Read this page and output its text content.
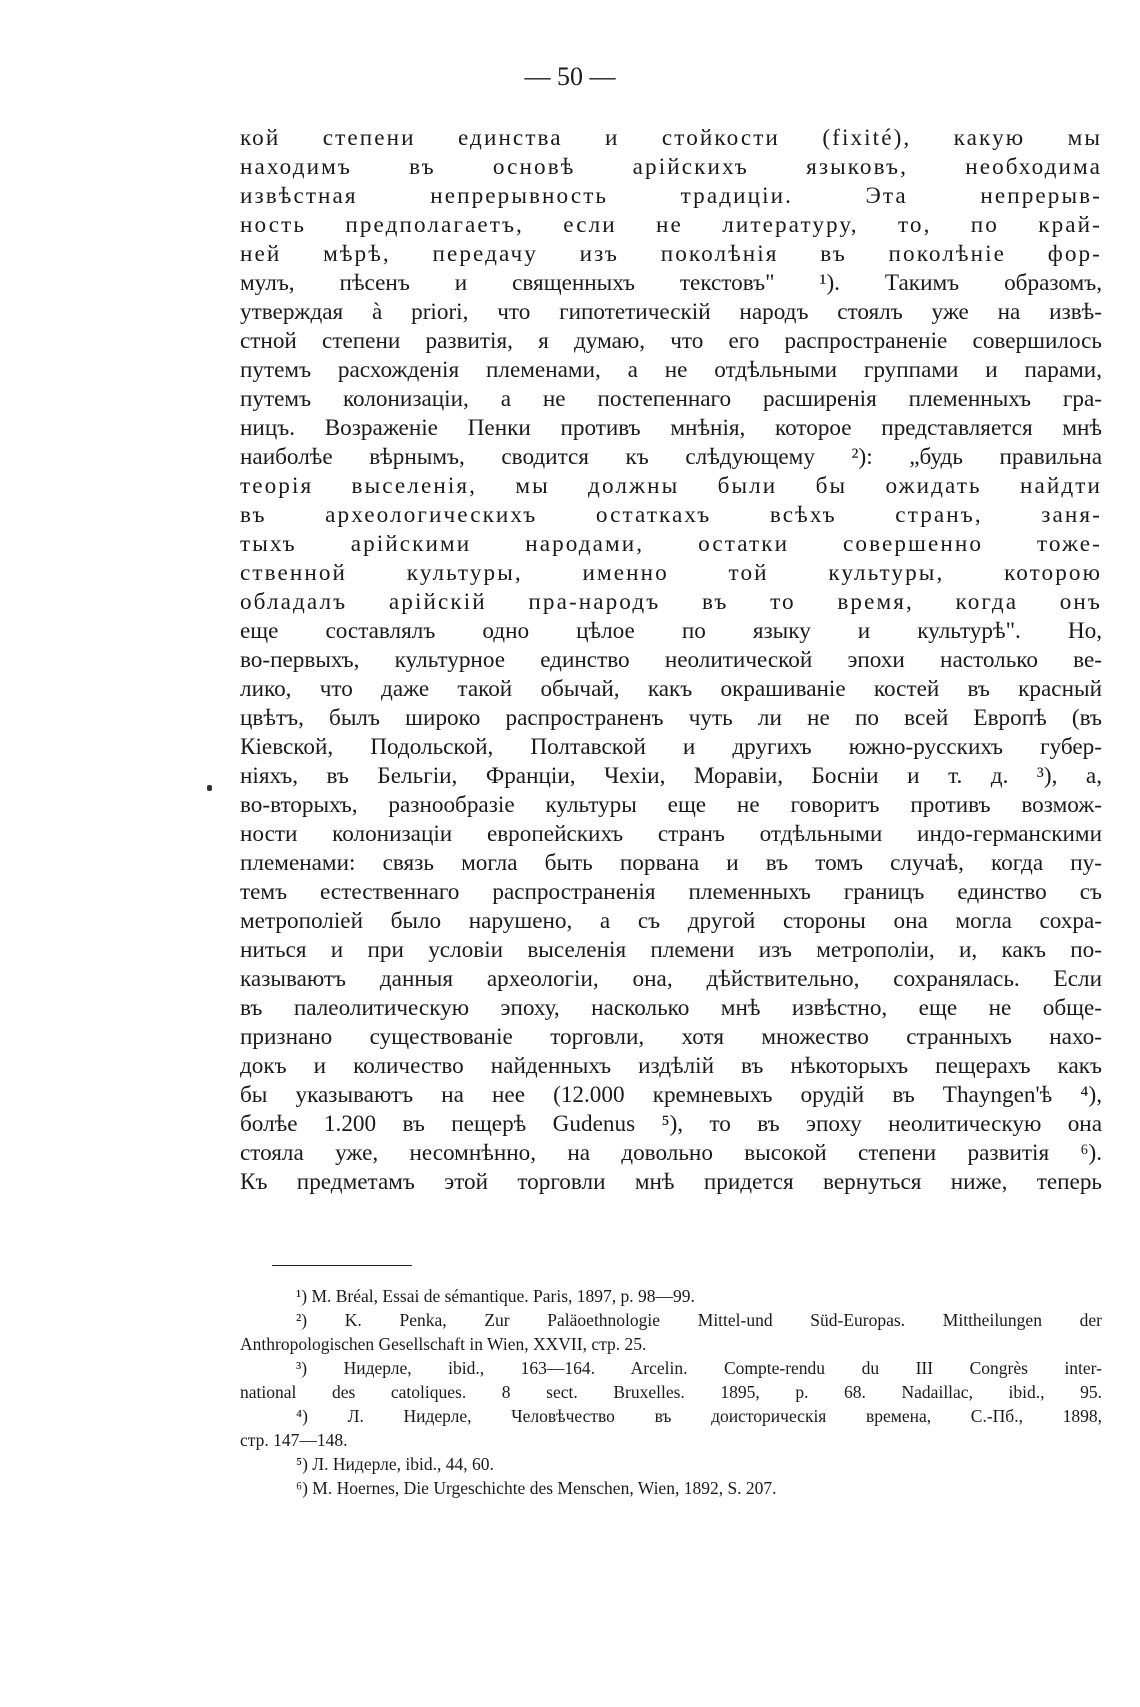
— 50 —
кой степени единства и стойкости (fixité), какую мы
находимъ въ основѣ арійскихъ языковъ, необходима
извѣстная непрерывность традиціи. Эта непрерыв-
ность предполагаетъ, если не литературу, то, по край-
ней мѣрѣ, передачу изъ поколѣнія въ поколѣніе фор-
мулъ, пѣсенъ и священныхъ текстовъ" ¹). Такимъ образомъ,
утверждая à priori, что гипотетическій народъ стоялъ уже на извѣ-
стной степени развитія, я думаю, что его распространеніе совершилось
путемъ расхожденія племенами, а не отдѣльными группами и парами,
путемъ колонизаціи, а не постепеннаго расширенія племенныхъ гра-
ницъ. Возраженіе Пенки противъ мнѣнія, которое представляется мнѣ
наиболѣе вѣрнымъ, сводится къ слѣдующему ²): „будь правильна
теорія выселенія, мы должны были бы ожидать найдти
въ археологическихъ остаткахъ всѣхъ странъ, заня-
тыхъ арійскими народами, остатки совершенно тоже-
ственной культуры, именно той культуры, которою
обладалъ арійскій пра-народъ въ то время, когда онъ
еще составлялъ одно цѣлое по языку и культурѣ". Но,
во-первыхъ, культурное единство неолитической эпохи настолько ве-
лико, что даже такой обычай, какъ окрашиваніе костей въ красный
цвѣтъ, былъ широко распространенъ чуть ли не по всей Европѣ (въ
Кіевской, Подольской, Полтавской и другихъ южно-русскихъ губер-
ніяхъ, въ Бельгіи, Франціи, Чехіи, Моравіи, Босніи и т. д. ³), а,
во-вторыхъ, разнообразіе культуры еще не говоритъ противъ возмож-
ности колонизаціи европейскихъ странъ отдѣльными индо-германскими
племенами: связь могла быть порвана и въ томъ случаѣ, когда пу-
темъ естественнаго распространенія племенныхъ границъ единство съ
метрополіей было нарушено, а съ другой стороны она могла сохра-
ниться и при условіи выселенія племени изъ метрополіи, и, какъ по-
казываютъ данныя археологіи, она, дѣйствительно, сохранялась. Если
въ палеолитическую эпоху, насколько мнѣ извѣстно, еще не обще-
признано существованіе торговли, хотя множество странныхъ нахо-
докъ и количество найденныхъ издѣлій въ нѣкоторыхъ пещерахъ какъ
бы указываютъ на нее (12.000 кремневыхъ орудій въ Thayngen'ѣ ⁴),
болѣе 1.200 въ пещерѣ Gudenus ⁵), то въ эпоху неолитическую она
стояла уже, несомнѣнно, на довольно высокой степени развитія ⁶).
Къ предметамъ этой торговли мнѣ придется вернуться ниже, теперь
¹) M. Bréal, Essai de sémantique. Paris, 1897, p. 98—99.
²) K. Penka, Zur Paläoethnologie Mittel-und Süd-Europas. Mittheilungen der
Anthropologischen Gesellschaft in Wien, XXVII, стр. 25.
³) Нидерле, ibid., 163—164. Arcelin. Compte-rendu du III Congrès inter-
national des catoliques. 8 sect. Bruxelles. 1895, p. 68. Nadaillac, ibid., 95.
⁴) Л. Нидерле, Человѣчество въ доисторическія времена, С.-Пб., 1898,
стр. 147—148.
⁵) Л. Нидерле, ibid., 44, 60.
⁶) M. Hoernes, Die Urgeschichte des Menschen, Wien, 1892, S. 207.
